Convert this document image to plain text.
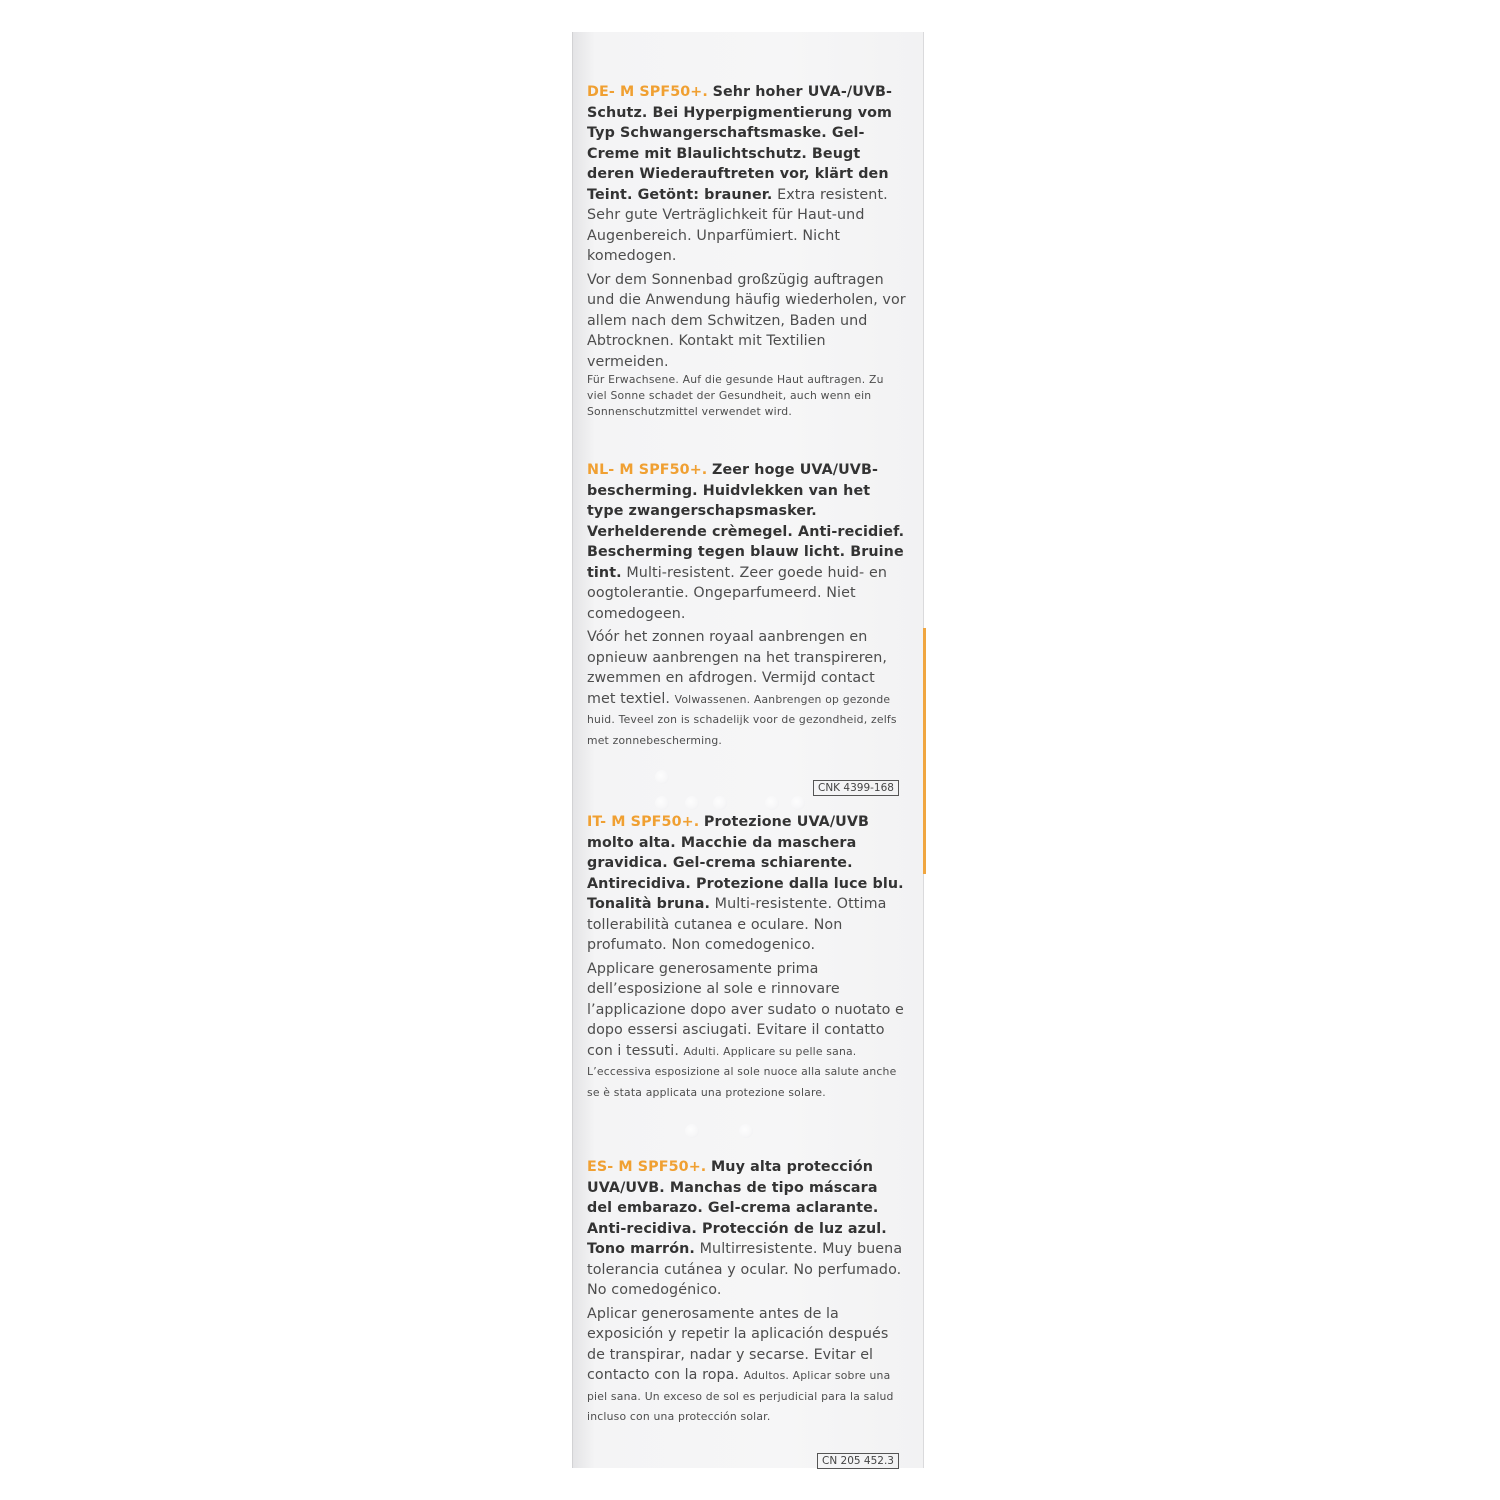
DE- M SPF50+. Sehr hoher UVA-/UVB-Schutz. Bei Hyperpigmentierung vom Typ Schwangerschaftsmaske. Gel-Creme mit Blaulichtschutz. Beugt deren Wiederauftreten vor, klärt den Teint. Getönt: brauner. Extra resistent. Sehr gute Verträglichkeit für Haut-und Augenbereich. Unparfümiert. Nicht komedogen.

Vor dem Sonnenbad großzügig auftragen und die Anwendung häufig wiederholen, vor allem nach dem Schwitzen, Baden und Abtrocknen. Kontakt mit Textilien vermeiden.

Für Erwachsene. Auf die gesunde Haut auftragen. Zu viel Sonne schadet der Gesundheit, auch wenn ein Sonnenschutzmittel verwendet wird.

NL- M SPF50+. Zeer hoge UVA/UVB-bescherming. Huidvlekken van het type zwangerschapsmasker. Verhelderende crèmegel. Anti-recidief. Bescherming tegen blauw licht. Bruine tint. Multi-resistent. Zeer goede huid- en oogtolerantie. Ongeparfumeerd. Niet comedogeen.

Vóór het zonnen royaal aanbrengen en opnieuw aanbrengen na het transpireren, zwemmen en afdrogen. Vermijd contact met textiel. Volwassenen. Aanbrengen op gezonde huid. Teveel zon is schadelijk voor de gezondheid, zelfs met zonnebescherming.

CNK 4399-168

IT- M SPF50+. Protezione UVA/UVB molto alta. Macchie da maschera gravidica. Gel-crema schiarente. Antirecidiva. Protezione dalla luce blu. Tonalità bruna. Multi-resistente. Ottima tollerabilità cutanea e oculare. Non profumato. Non comedogenico.

Applicare generosamente prima dell’esposizione al sole e rinnovare l’applicazione dopo aver sudato o nuotato e dopo essersi asciugati. Evitare il contatto con i tessuti. Adulti. Applicare su pelle sana. L’eccessiva esposizione al sole nuoce alla salute anche se è stata applicata una protezione solare.

ES- M SPF50+. Muy alta protección UVA/UVB. Manchas de tipo máscara del embarazo. Gel-crema aclarante. Anti-recidiva. Protección de luz azul. Tono marrón. Multirresistente. Muy buena tolerancia cutánea y ocular. No perfumado. No comedogénico.

Aplicar generosamente antes de la exposición y repetir la aplicación después de transpirar, nadar y secarse. Evitar el contacto con la ropa. Adultos. Aplicar sobre una piel sana. Un exceso de sol es perjudicial para la salud incluso con una protección solar.

CN 205 452.3
